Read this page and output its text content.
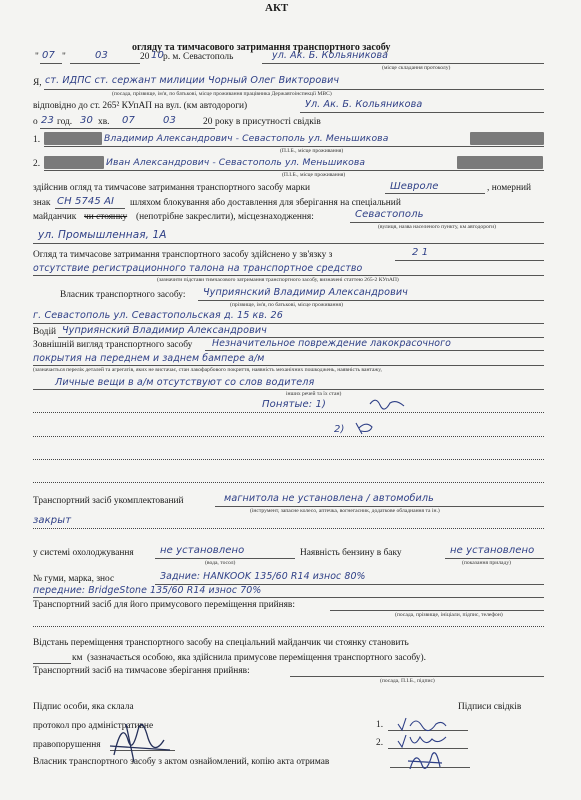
АКТ
огляду та тимчасового затримання транспортного засобу
" 07 "	03	20 10 р. м. Севастополь	ул. Ак. Б. Кольяникова
(місце складання протоколу)
Я, ст. ИДПС ст. сержант милиции Чорный Олег Викторович
(посада, прізвище, ім'я, по батькові, місце проживання працівника Державтоінспекції МВС)
відповідно до ст. 265² КУпАП на вул. (км автодороги)	Ул. Ак. Б. Кольяникова
о 23 год. 30 хв. 07	03	20 року в присутності свідків
1.	Владимир Александрович - Севастополь ул. Меньшикова
(П.І.Б., місце проживання)
2.	Иван Александрович - Севастополь ул. Меньшикова
(П.І.Б., місце проживання)
здійснив огляд та тимчасове затримання транспортного засобу марки	Шевроле	, номерний
знак СН 5745 АІ шляхом блокування або доставлення для зберігання на спеціальний
майданчик чи стоянку (непотрібне закреслити), місцезнаходження:	Севастополь
(вулиця, назва населеного пункту, км автодороги)
ул. Промышленная, 1А
Огляд та тимчасове затримання транспортного засобу здійснено у зв'язку з	2 1
отсутствие регистрационного талона на транспортное средство
(зазначити підстави тимчасового затримання транспортного засобу, визначені статтею 265-2 КУпАП)
Власник транспортного засобу: Чуприянский Владимир Александрович
(прізвище, ім'я, по батькові, місце проживання)
г. Севастополь ул. Севастопольская д. 15 кв. 26
Водій Чуприянский Владимир Александрович
Зовнішній вигляд транспортного засобу Незначительное повреждение лакокрасочного
покрытия на переднем и заднем бампере а/м
(зазначається перелік деталей та агрегатів, яких не вистачає, стан лакофарбового покриття, наявність механічних пошкоджень, наявність вантажу,
Личные вещи в а/м отсутствуют со слов водителя
інших речей та їх стан)
Понятые: 1)
2)
Транспортний засіб укомплектований	магнитола не установлена / автомобиль
(інструмент, запасне колесо, аптечка, вогнегасник, додаткове обладнання та ін.)
закрыт
у системі охолоджування	не установлено
(вода, тосол)
Наявність бензину в баку	не установлено
(показання приладу)
№ гуми, марка, знос	Задние: HANKOOK 135/60 R14 износ 80%
передние: BridgeStone 135/60 R14 износ 70%
Транспортний засіб для його примусового переміщення прийняв:
(посада, прізвище, ініціали, підпис, телефон)
Відстань переміщення транспортного засобу на спеціальний майданчик чи стоянку становить
км (зазначається особою, яка здійснила примусове переміщення транспортного засобу).
Транспортний засіб на тимчасове зберігання прийняв:
(посада, П.І.Б., підпис)
Підпис особи, яка склала
протокол про адміністративне
правопорушення
Підписи свідків
1.
2.
Власник транспортного засобу з актом ознайомлений, копію акта отримав
